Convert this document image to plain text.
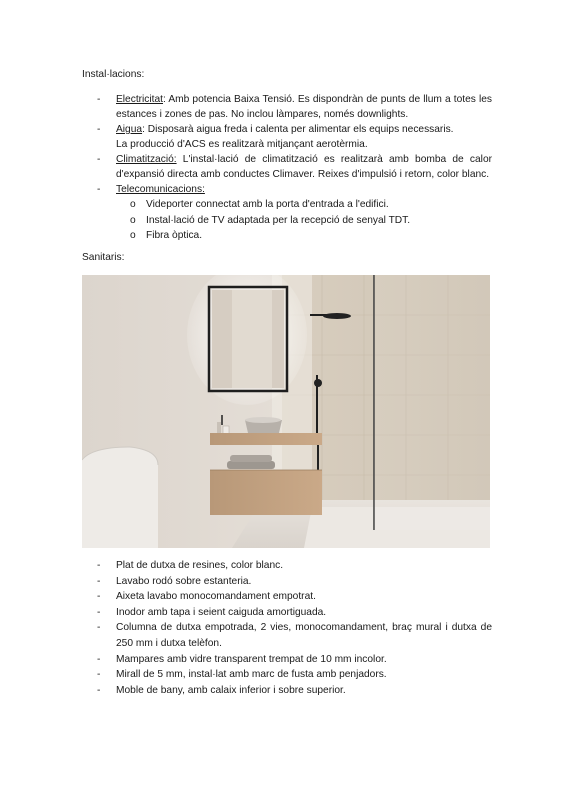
Instal·lacions:
- Electricitat: Amb potencia Baixa Tensió. Es dispondràn de punts de llum a totes les estances i zones de pas. No inclou làmpares, només downlights.
- Aigua: Disposarà aigua freda i calenta per alimentar els equips necessaris.
La producció d'ACS es realitzarà mitjançant aerotèrmia.
- Climatització: L'instal·lació de climatització es realitzarà amb bomba de calor d'expansió directa amb conductes Climaver. Reixes d'impulsió i retorn, color blanc.
- Telecomunicacions:
o Videporter connectat amb la porta d'entrada a l'edifici.
o Instal·lació de TV adaptada per la recepció de senyal TDT.
o Fibra òptica.
Sanitaris:
- Plat de dutxa de resines, color blanc.
- Lavabo rodó sobre estanteria.
- Aixeta lavabo monocomandament empotrat.
- Inodor amb tapa i seient caiguda amortiguada.
- Columna de dutxa empotrada, 2 vies, monocomandament, braç mural i dutxa de 250 mm i dutxa telèfon.
- Mampares amb vidre transparent trempat de 10 mm incolor.
- Mirall de 5 mm, instal·lat amb marc de fusta amb penjadors.
- Moble de bany, amb calaix inferior i sobre superior.
